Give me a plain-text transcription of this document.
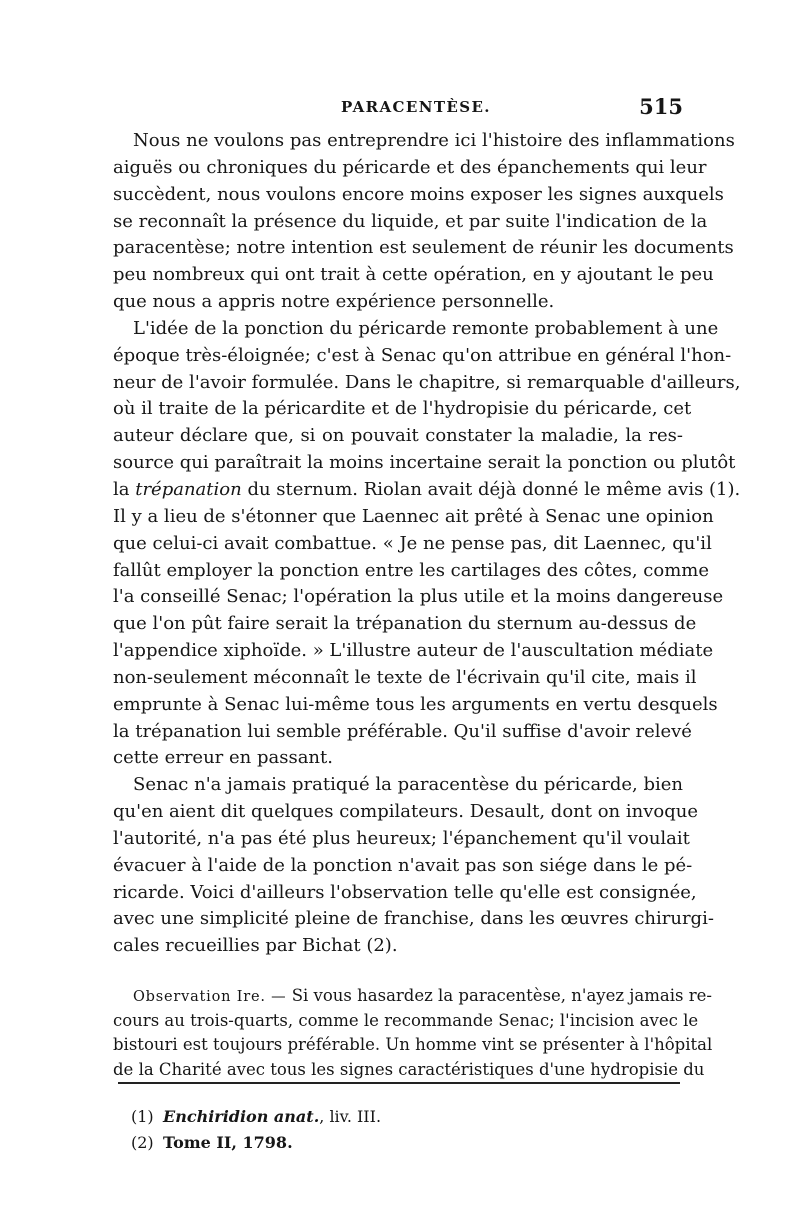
PARACENTÈSE.	515
Nous ne voulons pas entreprendre ici l'histoire des inflammations
aiguës ou chroniques du péricarde et des épanchements qui leur
succèdent, nous voulons encore moins exposer les signes auxquels
se reconnaît la présence du liquide, et par suite l'indication de la
paracentèse; notre intention est seulement de réunir les documents
peu nombreux qui ont trait à cette opération, en y ajoutant le peu
que nous a appris notre expérience personnelle.
L'idée de la ponction du péricarde remonte probablement à une
époque très-éloignée; c'est à Senac qu'on attribue en général l'hon-
neur de l'avoir formulée. Dans le chapitre, si remarquable d'ailleurs,
où il traite de la péricardite et de l'hydropisie du péricarde, cet
auteur déclare que, si on pouvait constater la maladie, la res-
source qui paraîtrait la moins incertaine serait la ponction ou plutôt
la trépanation du sternum. Riolan avait déjà donné le même avis (1).
Il y a lieu de s'étonner que Laennec ait prêté à Senac une opinion
que celui-ci avait combattue. « Je ne pense pas, dit Laennec, qu'il
fallût employer la ponction entre les cartilages des côtes, comme
l'a conseillé Senac; l'opération la plus utile et la moins dangereuse
que l'on pût faire serait la trépanation du sternum au-dessus de
l'appendice xiphoïde. » L'illustre auteur de l'auscultation médiate
non-seulement méconnaît le texte de l'écrivain qu'il cite, mais il
emprunte à Senac lui-même tous les arguments en vertu desquels
la trépanation lui semble préférable. Qu'il suffise d'avoir relevé
cette erreur en passant.
Senac n'a jamais pratiqué la paracentèse du péricarde, bien
qu'en aient dit quelques compilateurs. Desault, dont on invoque
l'autorité, n'a pas été plus heureux; l'épanchement qu'il voulait
évacuer à l'aide de la ponction n'avait pas son siége dans le pé-
ricarde. Voici d'ailleurs l'observation telle qu'elle est consignée,
avec une simplicité pleine de franchise, dans les œuvres chirurgi-
cales recueillies par Bichat (2).
Observation Ire. — Si vous hasardez la paracentèse, n'ayez jamais re-
cours au trois-quarts, comme le recommande Senac; l'incision avec le
bistouri est toujours préférable. Un homme vint se présenter à l'hôpital
de la Charité avec tous les signes caractéristiques d'une hydropisie du
(1) Enchiridion anat., liv. III.
(2) Tome II, 1798.
